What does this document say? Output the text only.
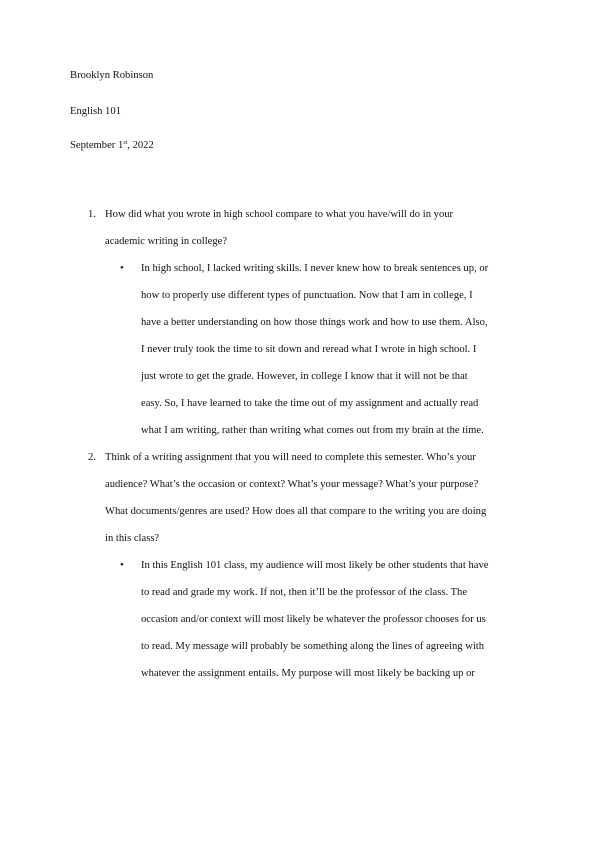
Brooklyn Robinson

English 101

September 1st, 2022

1. How did what you wrote in high school compare to what you have/will do in your
academic writing in college?
• In high school, I lacked writing skills. I never knew how to break sentences up, or
how to properly use different types of punctuation. Now that I am in college, I
have a better understanding on how those things work and how to use them. Also,
I never truly took the time to sit down and reread what I wrote in high school. I
just wrote to get the grade. However, in college I know that it will not be that
easy. So, I have learned to take the time out of my assignment and actually read
what I am writing, rather than writing what comes out from my brain at the time.
2. Think of a writing assignment that you will need to complete this semester. Who’s your
audience? What’s the occasion or context? What’s your message? What’s your purpose?
What documents/genres are used? How does all that compare to the writing you are doing
in this class?
• In this English 101 class, my audience will most likely be other students that have
to read and grade my work. If not, then it’ll be the professor of the class. The
occasion and/or context will most likely be whatever the professor chooses for us
to read. My message will probably be something along the lines of agreeing with
whatever the assignment entails. My purpose will most likely be backing up or
